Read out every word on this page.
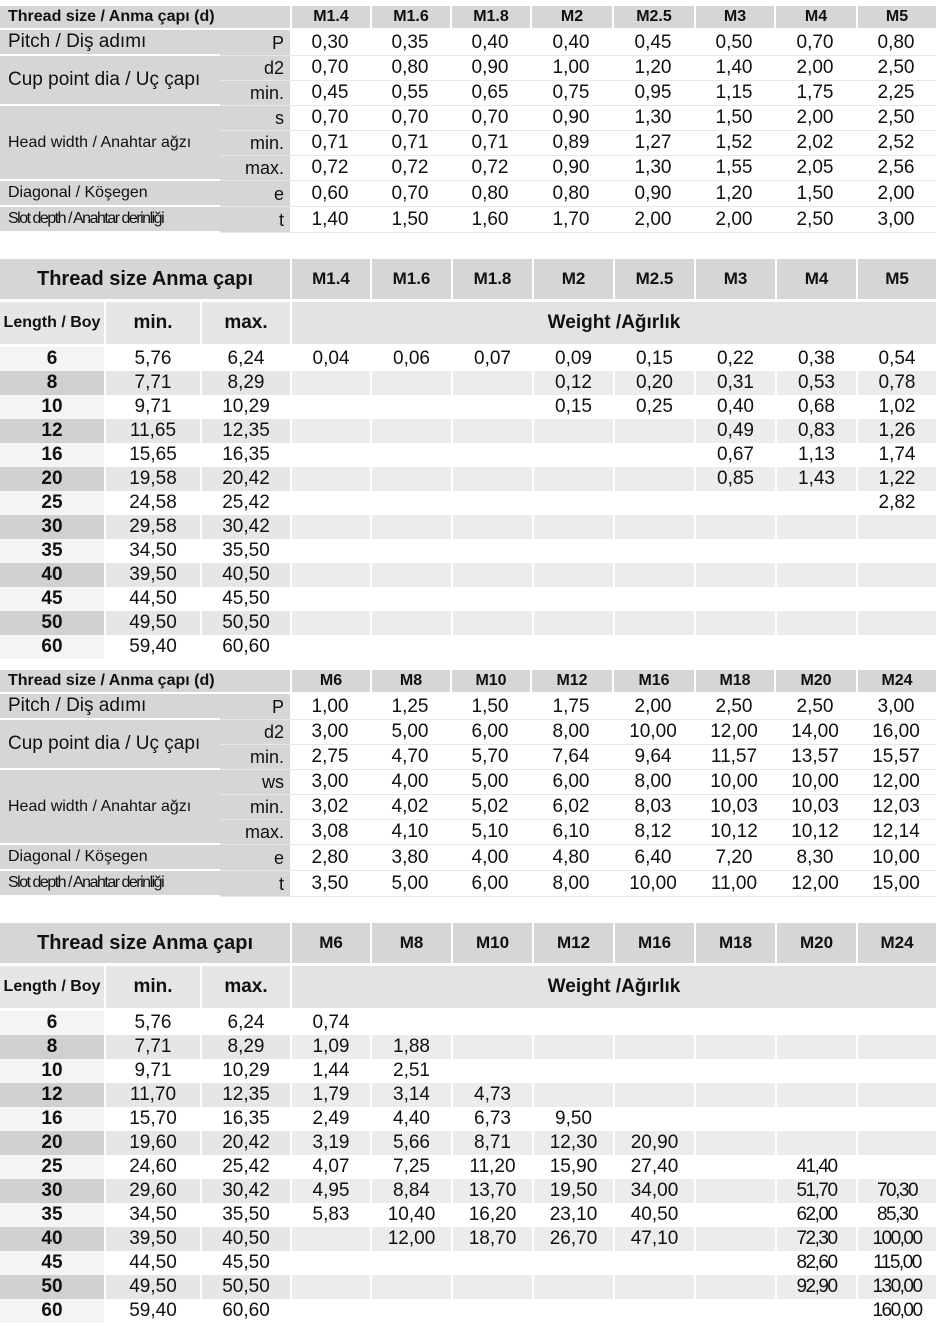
Thread size / Anma çapı (d)		M1.4	M1.6	M1.8	M2	M2.5	M3	M4	M5
Pitch / Diş adımı	P	0,30	0,35	0,40	0,40	0,45	0,50	0,70	0,80
Cup point dia / Uç çapı	d2	0,70	0,80	0,90	1,00	1,20	1,40	2,00	2,50
	min.	0,45	0,55	0,65	0,75	0,95	1,15	1,75	2,25
Head width / Anahtar ağzı	s	0,70	0,70	0,70	0,90	1,30	1,50	2,00	2,50
	min.	0,71	0,71	0,71	0,89	1,27	1,52	2,02	2,52
	max.	0,72	0,72	0,72	0,90	1,30	1,55	2,05	2,56
Diagonal / Köşegen	e	0,60	0,70	0,80	0,80	0,90	1,20	1,50	2,00
Slot depth / Anahtar derinliği	t	1,40	1,50	1,60	1,70	2,00	2,00	2,50	3,00
Thread size Anma çapı			M1.4	M1.6	M1.8	M2	M2.5	M3	M4	M5
Length / Boy	min.	max.	Weight /Ağırlık							
6	5,76	6,24	0,04	0,06	0,07	0,09	0,15	0,22	0,38	0,54
8	7,71	8,29				0,12	0,20	0,31	0,53	0,78
10	9,71	10,29				0,15	0,25	0,40	0,68	1,02
12	11,65	12,35						0,49	0,83	1,26
16	15,65	16,35						0,67	1,13	1,74
20	19,58	20,42						0,85	1,43	1,22
25	24,58	25,42								2,82
30	29,58	30,42								
35	34,50	35,50								
40	39,50	40,50								
45	44,50	45,50								
50	49,50	50,50								
60	59,40	60,60								
Thread size / Anma çapı (d)		M6	M8	M10	M12	M16	M18	M20	M24
Pitch / Diş adımı	P	1,00	1,25	1,50	1,75	2,00	2,50	2,50	3,00
Cup point dia / Uç çapı	d2	3,00	5,00	6,00	8,00	10,00	12,00	14,00	16,00
	min.	2,75	4,70	5,70	7,64	9,64	11,57	13,57	15,57
Head width / Anahtar ağzı	ws	3,00	4,00	5,00	6,00	8,00	10,00	10,00	12,00
	min.	3,02	4,02	5,02	6,02	8,03	10,03	10,03	12,03
	max.	3,08	4,10	5,10	6,10	8,12	10,12	10,12	12,14
Diagonal / Köşegen	e	2,80	3,80	4,00	4,80	6,40	7,20	8,30	10,00
Slot depth / Anahtar derinliği	t	3,50	5,00	6,00	8,00	10,00	11,00	12,00	15,00
Thread size Anma çapı			M6	M8	M10	M12	M16	M18	M20	M24
Length / Boy	min.	max.	Weight /Ağırlık							
6	5,76	6,24	0,74							
8	7,71	8,29	1,09	1,88						
10	9,71	10,29	1,44	2,51						
12	11,70	12,35	1,79	3,14	4,73					
16	15,70	16,35	2,49	4,40	6,73	9,50				
20	19,60	20,42	3,19	5,66	8,71	12,30	20,90			
25	24,60	25,42	4,07	7,25	11,20	15,90	27,40		41,40	
30	29,60	30,42	4,95	8,84	13,70	19,50	34,00		51,70	70,30
35	34,50	35,50	5,83	10,40	16,20	23,10	40,50		62,00	85,30
40	39,50	40,50		12,00	18,70	26,70	47,10		72,30	100,00
45	44,50	45,50							82,60	115,00
50	49,50	50,50							92,90	130,00
60	59,40	60,60								160,00
